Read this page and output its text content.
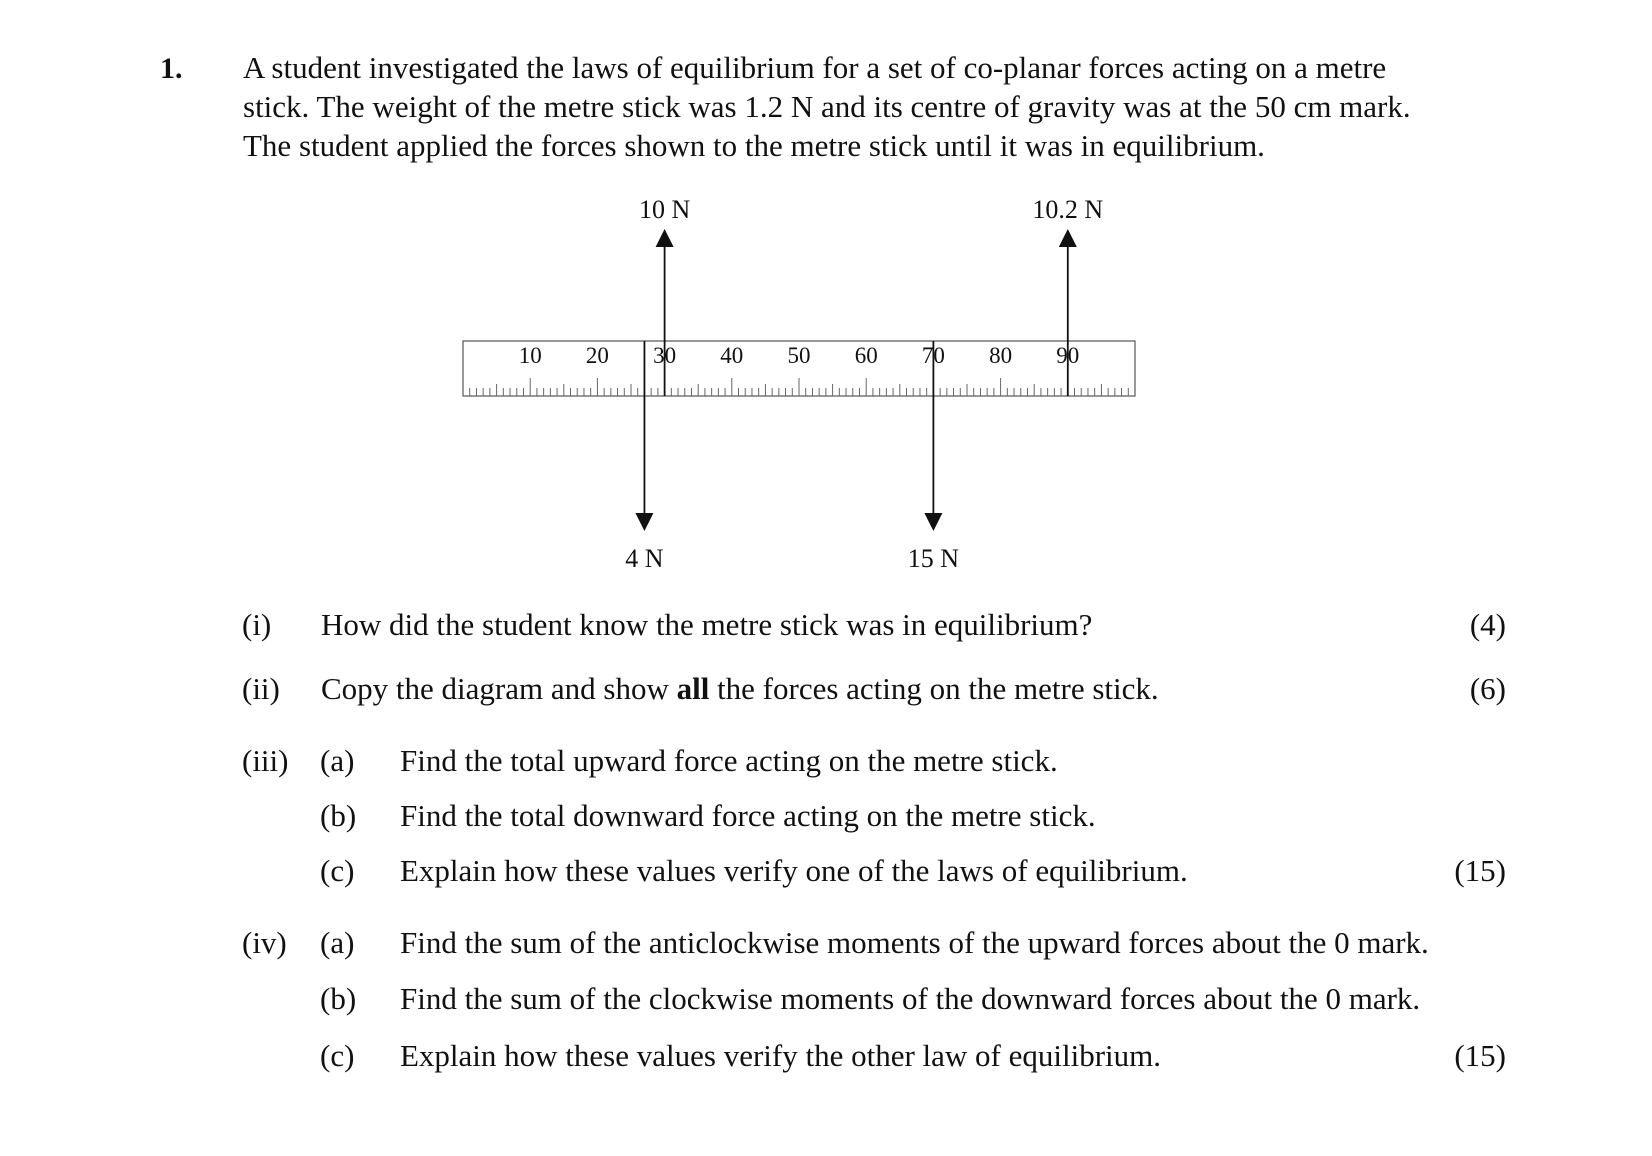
1. A student investigated the laws of equilibrium for a set of co-planar forces acting on a metre
stick. The weight of the metre stick was 1.2 N and its centre of gravity was at the 50 cm mark.
The student applied the forces shown to the metre stick until it was in equilibrium.
10 20 30 40 50 60 70 80 90
10 N	10.2 N
4 N	15 N
(i) How did the student know the metre stick was in equilibrium?	(4)
(ii) Copy the diagram and show all the forces acting on the metre stick.	(6)
(iii) (a) Find the total upward force acting on the metre stick.
(b) Find the total downward force acting on the metre stick.
(c) Explain how these values verify one of the laws of equilibrium.	(15)
(iv) (a) Find the sum of the anticlockwise moments of the upward forces about the 0 mark.
(b) Find the sum of the clockwise moments of the downward forces about the 0 mark.
(c) Explain how these values verify the other law of equilibrium.	(15)
